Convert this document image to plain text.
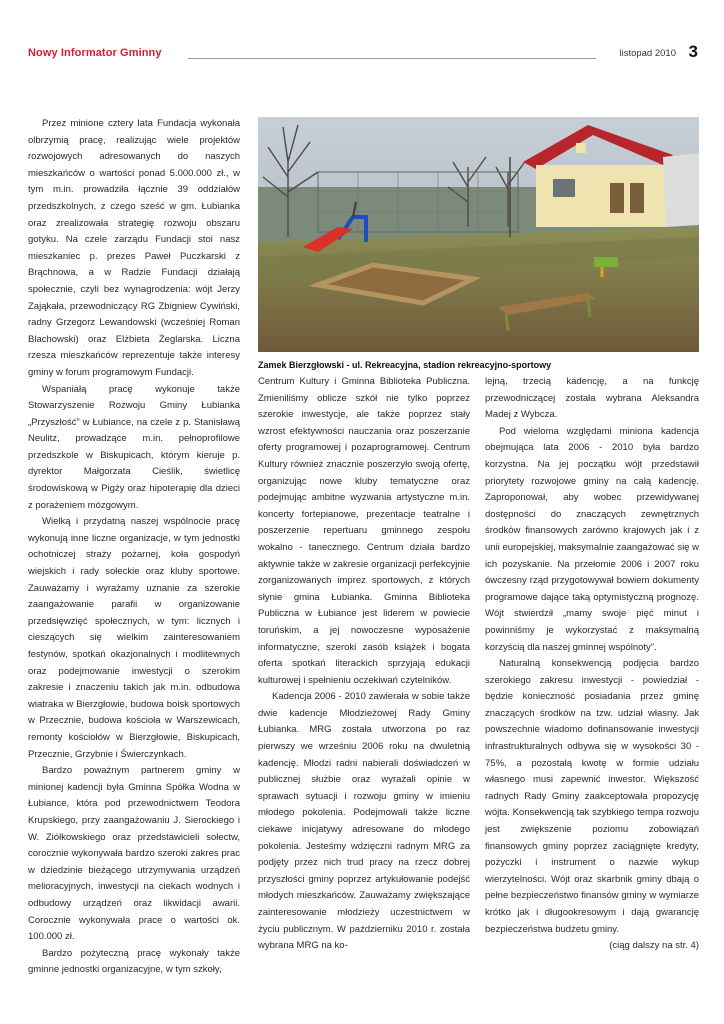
Nowy Informator Gminny	listopad 2010 3

Przez minione cztery lata Fundacja wykonała olbrzymią pracę, realizując wiele projektów rozwojowych adresowanych do naszych mieszkańców o wartości ponad 5.000.000 zł., w tym m.in. prowadziła łącznie 39 oddziałów przedszkolnych, z czego sześć w gm. Łubianka oraz zrealizowała strategię rozwoju obszaru gotyku. Na czele zarządu Fundacji stoi nasz mieszkaniec p. prezes Paweł Puczkarski z Brąchnowa, a w Radzie Fundacji działają społecznie, czyli bez wynagrodzenia: wójt Jerzy Zająkała, przewodniczący RG Zbigniew Cywiński, radny Grzegorz Lewandowski (wcześniej Roman Blachowski) oraz Elżbieta Żeglarska. Liczna rzesza mieszkańców reprezentuje także interesy gminy w forum programowym Fundacji.

Wspaniałą pracę wykonuje także Stowarzyszenie Rozwoju Gminy Łubianka „Przyszłość” w Łubiance, na czele z p. Stanisławą Neulitz, prowadzące m.in. pełnoprofilowe przedszkole w Biskupicach, którym kieruje p. dyrektor Małgorzata Cieślik, świetlicę środowiskową w Pigży oraz hipoterapię dla dzieci z porażeniem mózgowym.

Wielką i przydatną naszej wspólnocie pracę wykonują inne liczne organizacje, w tym jednostki ochotniczej straży pożarnej, koła gospodyń wiejskich i rady sołeckie oraz kluby sportowe. Zauważamy i wyrażamy uznanie za szerokie zaangażowanie parafii w organizowanie przedsięwzięć społecznych, w tym: licznych i cieszących się wielkim zainteresowaniem festynów, spotkań okazjonalnych i modlitewnych oraz podejmowanie inwestycji o szerokim zakresie i znaczeniu takich jak m.in. odbudowa wiatraka w Bierzgłowie, budowa boisk sportowych w Przecznie, budowa kościoła w Warszewicach, remonty kościołów w Bierzgłowie, Biskupicach, Przecznie, Grzybnie i Świerczynkach.

Bardzo poważnym partnerem gminy w minionej kadencji była Gminna Spółka Wodna w Łubiance, która pod przewodnictwem Teodora Krupskiego, przy zaangażowaniu J. Sierockiego i W. Ziółkowskiego oraz przedstawicieli sołectw, corocznie wykonywała bardzo szeroki zakres prac w dziedzinie bieżącego utrzymywania urządzeń melioracyjnych, inwestycji na ciekach wodnych i odbudowy urządzeń oraz likwidacji awarii. Corocznie wykonywała prace o wartości ok. 100.000 zł.

Bardzo pożyteczną pracę wykonały także gminne jednostki organizacyjne, w tym szkoły,

Zamek Bierzgłowski - ul. Rekreacyjna, stadion rekreacyjno-sportowy

Centrum Kultury i Gminna Biblioteka Publiczna. Zmieniliśmy oblicze szkół nie tylko poprzez szerokie inwestycje, ale także poprzez stały wzrost efektywności nauczania oraz poszerzanie oferty programowej i pozaprogramowej. Centrum Kultury również znacznie poszerzyło swoją ofertę, organizując nowe kluby tematyczne oraz podejmując ambitne wyzwania artystyczne m.in. koncerty fortepianowe, prezentacje teatralne i poszerzenie repertuaru gminnego zespołu wokalno - tanecznego. Centrum działa bardzo aktywnie także w zakresie organizacji perfekcyjnie zorganizowanych imprez sportowych, z których słynie gmina Łubianka. Gminna Biblioteka Publiczna w Łubiance jest liderem w powiecie toruńskim, a jej nowoczesne wyposażenie informatyczne, szeroki zasób książek i bogata oferta spotkań literackich sprzyjają edukacji kulturowej i spełnieniu oczekiwań czytelników.

Kadencja 2006 - 2010 zawierała w sobie także dwie kadencje Młodzieżowej Rady Gminy Łubianka. MRG została utworzona po raz pierwszy we wrześniu 2006 roku na dwuletnią kadencję. Młodzi radni nabierali doświadczeń w publicznej służbie oraz wyrażali opinie w sprawach sytuacji i rozwoju gminy w imieniu młodego pokolenia. Podejmowali także liczne ciekawe inicjatywy adresowane do młodego pokolenia. Jesteśmy wdzięczni radnym MRG za podjęty przez nich trud pracy na rzecz dobrej przyszłości gminy poprzez artykułowanie podejść młodych mieszkańców. Zauważamy zwiększające zainteresowanie młodzieży uczestnictwem w życiu publicznym. W październiku 2010 r. została wybrana MRG na ko-

lejną, trzecią kadencję, a na funkcję przewodniczącej została wybrana Aleksandra Madej z Wybcza.

Pod wieloma względami miniona kadencja obejmująca lata 2006 - 2010 była bardzo korzystna. Na jej początku wójt przedstawił priorytety rozwojowe gminy na całą kadencję. Zaproponował, aby wobec przewidywanej dostępności do znaczących zewnętrznych środków finansowych zarówno krajowych jak i z unii europejskiej, maksymalnie zaangażować się w ich pozyskanie. Na przełomie 2006 i 2007 roku ówczesny rząd przygotowywał bowiem dokumenty programowe dające taką optymistyczną prognozę. Wójt stwierdził „mamy swoje pięć minut i powinniśmy je wykorzystać z maksymalną korzyścią dla naszej gminnej wspólnoty”.

Naturalną konsekwencją podjęcia bardzo szerokiego zakresu inwestycji - powiedział - będzie konieczność posiadania przez gminę znaczących środków na tzw. udział własny. Jak powszechnie wiadomo dofinansowanie inwestycji infrastrukturalnych odbywa się w wysokości 30 - 75%, a pozostałą kwotę w formie udziału własnego musi zapewnić inwestor. Większość radnych Rady Gminy zaakceptowała propozycję wójta. Konsekwencją tak szybkiego tempa rozwoju jest zwiększenie poziomu zobowiązań finansowych gminy poprzez zaciągnięte kredyty, pożyczki i instrument o nazwie wykup wierzytelności. Wójt oraz skarbnik gminy dbają o pełne bezpieczeństwo finansów gminy w wymiarze krótko jak i długookresowym i dają gwarancję bezpieczeństwa budżetu gminy.

(ciąg dalszy na str. 4)
